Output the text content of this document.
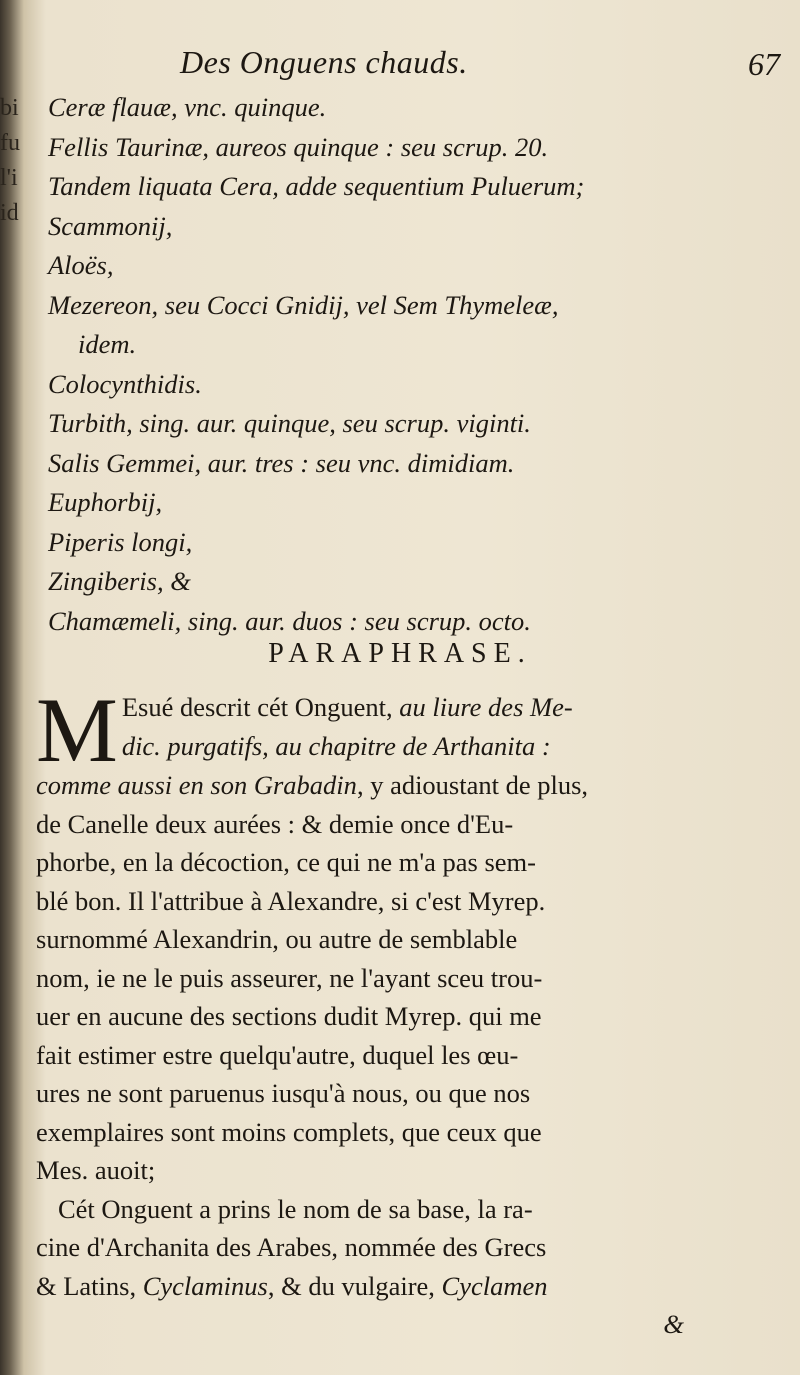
bi
fu
l'i
id
Des Onguens chauds.	67
Ceræ flauæ, vnc. quinque.
Fellis Taurinæ, aureos quinque : seu scrup. 20.
Tandem liquata Cera, adde sequentium Puluerum;
Scammonij,
Aloës,
Mezereon, seu Cocci Gnidij, vel Sem Thymeleæ,
idem.
Colocynthidis.
Turbith, sing. aur. quinque, seu scrup. viginti.
Salis Gemmei, aur. tres : seu vnc. dimidiam.
Euphorbij,
Piperis longi,
Zingiberis, &
Chamæmeli, sing. aur. duos : seu scrup. octo.
PARAPHRASE.
M Esué descrit cét Onguent, au liure des Me-
dic. purgatifs, au chapitre de Arthanita :
comme aussi en son Grabadin, y adioustant de plus,
de Canelle deux aurées : & demie once d'Eu-
phorbe, en la décoction, ce qui ne m'a pas sem-
blé bon. Il l'attribue à Alexandre, si c'est Myrep.
surnommé Alexandrin, ou autre de semblable
nom, ie ne le puis asseurer, ne l'ayant sceu trou-
uer en aucune des sections dudit Myrep. qui me
fait estimer estre quelqu'autre, duquel les œu-
ures ne sont paruenus iusqu'à nous, ou que nos
exemplaires sont moins complets, que ceux que
Mes. auoit;
Cét Onguent a prins le nom de sa base, la ra-
cine d'Archanita des Arabes, nommée des Grecs
& Latins, Cyclaminus, & du vulgaire, Cyclamen
&
